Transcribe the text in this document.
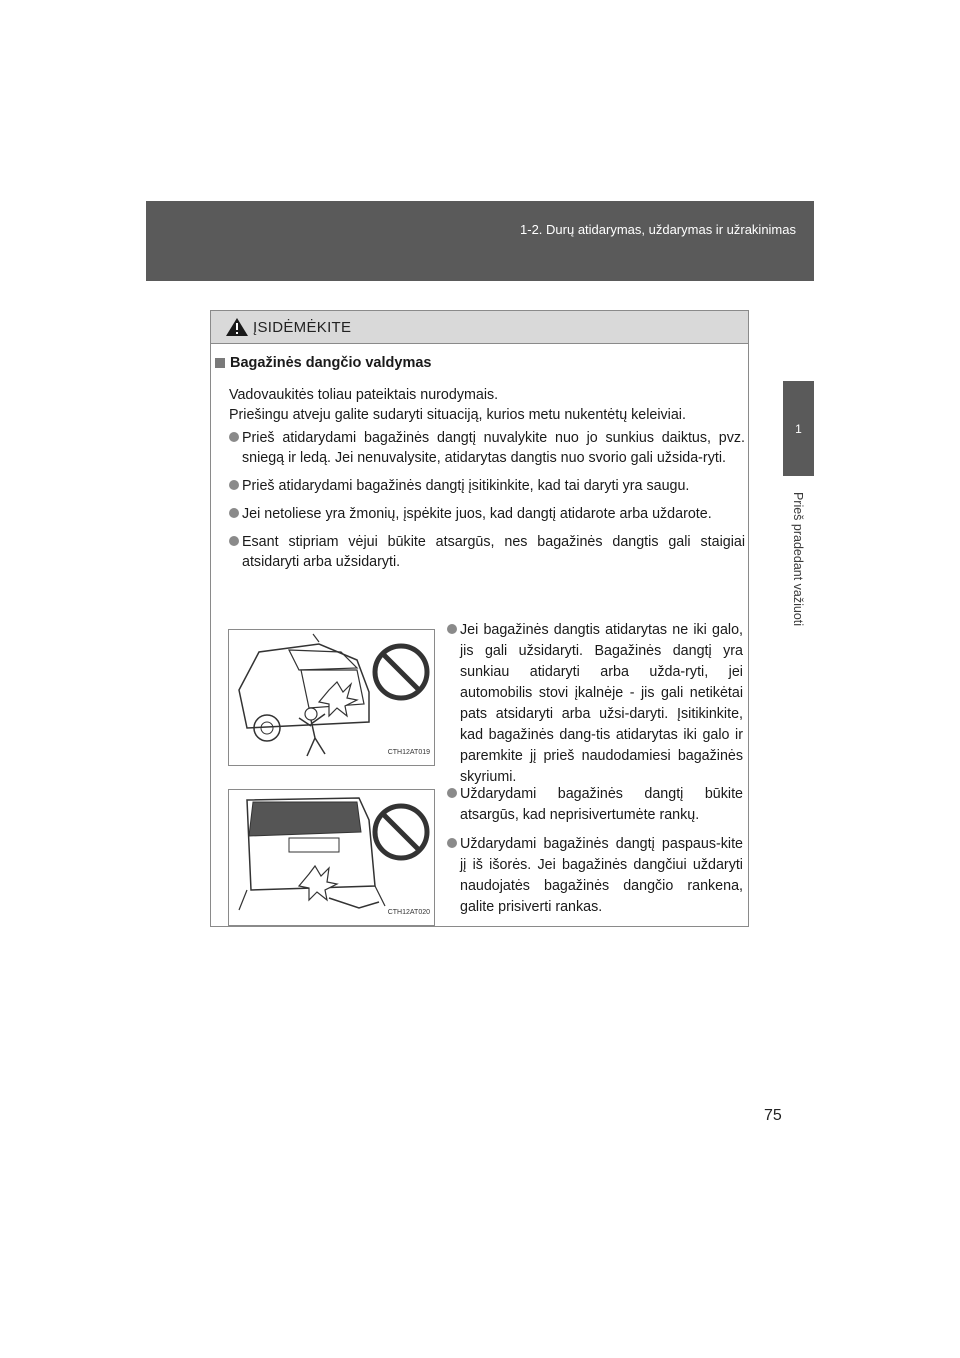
1-2. Durų atidarymas, uždarymas ir užrakinimas
1
Prieš pradedant važiuoti
ĮSIDĖMĖKITE
Bagažinės dangčio valdymas

Vadovaukitės toliau pateiktais nurodymais.

Priešingu atveju galite sudaryti situaciją, kurios metu nukentėtų keleiviai.

Prieš atidarydami bagažinės dangtį nuvalykite nuo jo sunkius daiktus, pvz. sniegą ir ledą. Jei nenuvalysite, atidarytas dangtis nuo svorio gali užsida-ryti.
Prieš atidarydami bagažinės dangtį įsitikinkite, kad tai daryti yra saugu.
Jei netoliese yra žmonių, įspėkite juos, kad dangtį atidarote arba uždarote.
Esant stipriam vėjui būkite atsargūs, nes bagažinės dangtis gali staigiai atsidaryti arba užsidaryti.
CTH12AT019
Jei bagažinės dangtis atidarytas ne iki galo, jis gali užsidaryti. Bagažinės dangtį yra sunkiau atidaryti arba užda-ryti, jei automobilis stovi įkalnėje - jis gali netikėtai pats atsidaryti arba užsi-daryti. Įsitikinkite, kad bagažinės dang-tis atidarytas iki galo ir paremkite jį prieš naudodamiesi bagažinės skyriumi.
CTH12AT020
Uždarydami bagažinės dangtį būkite atsargūs, kad neprisivertumėte rankų.
Uždarydami bagažinės dangtį paspaus-kite jį iš išorės. Jei bagažinės dangčiui uždaryti naudojatės bagažinės dangčio rankena, galite prisiverti rankas.
75
